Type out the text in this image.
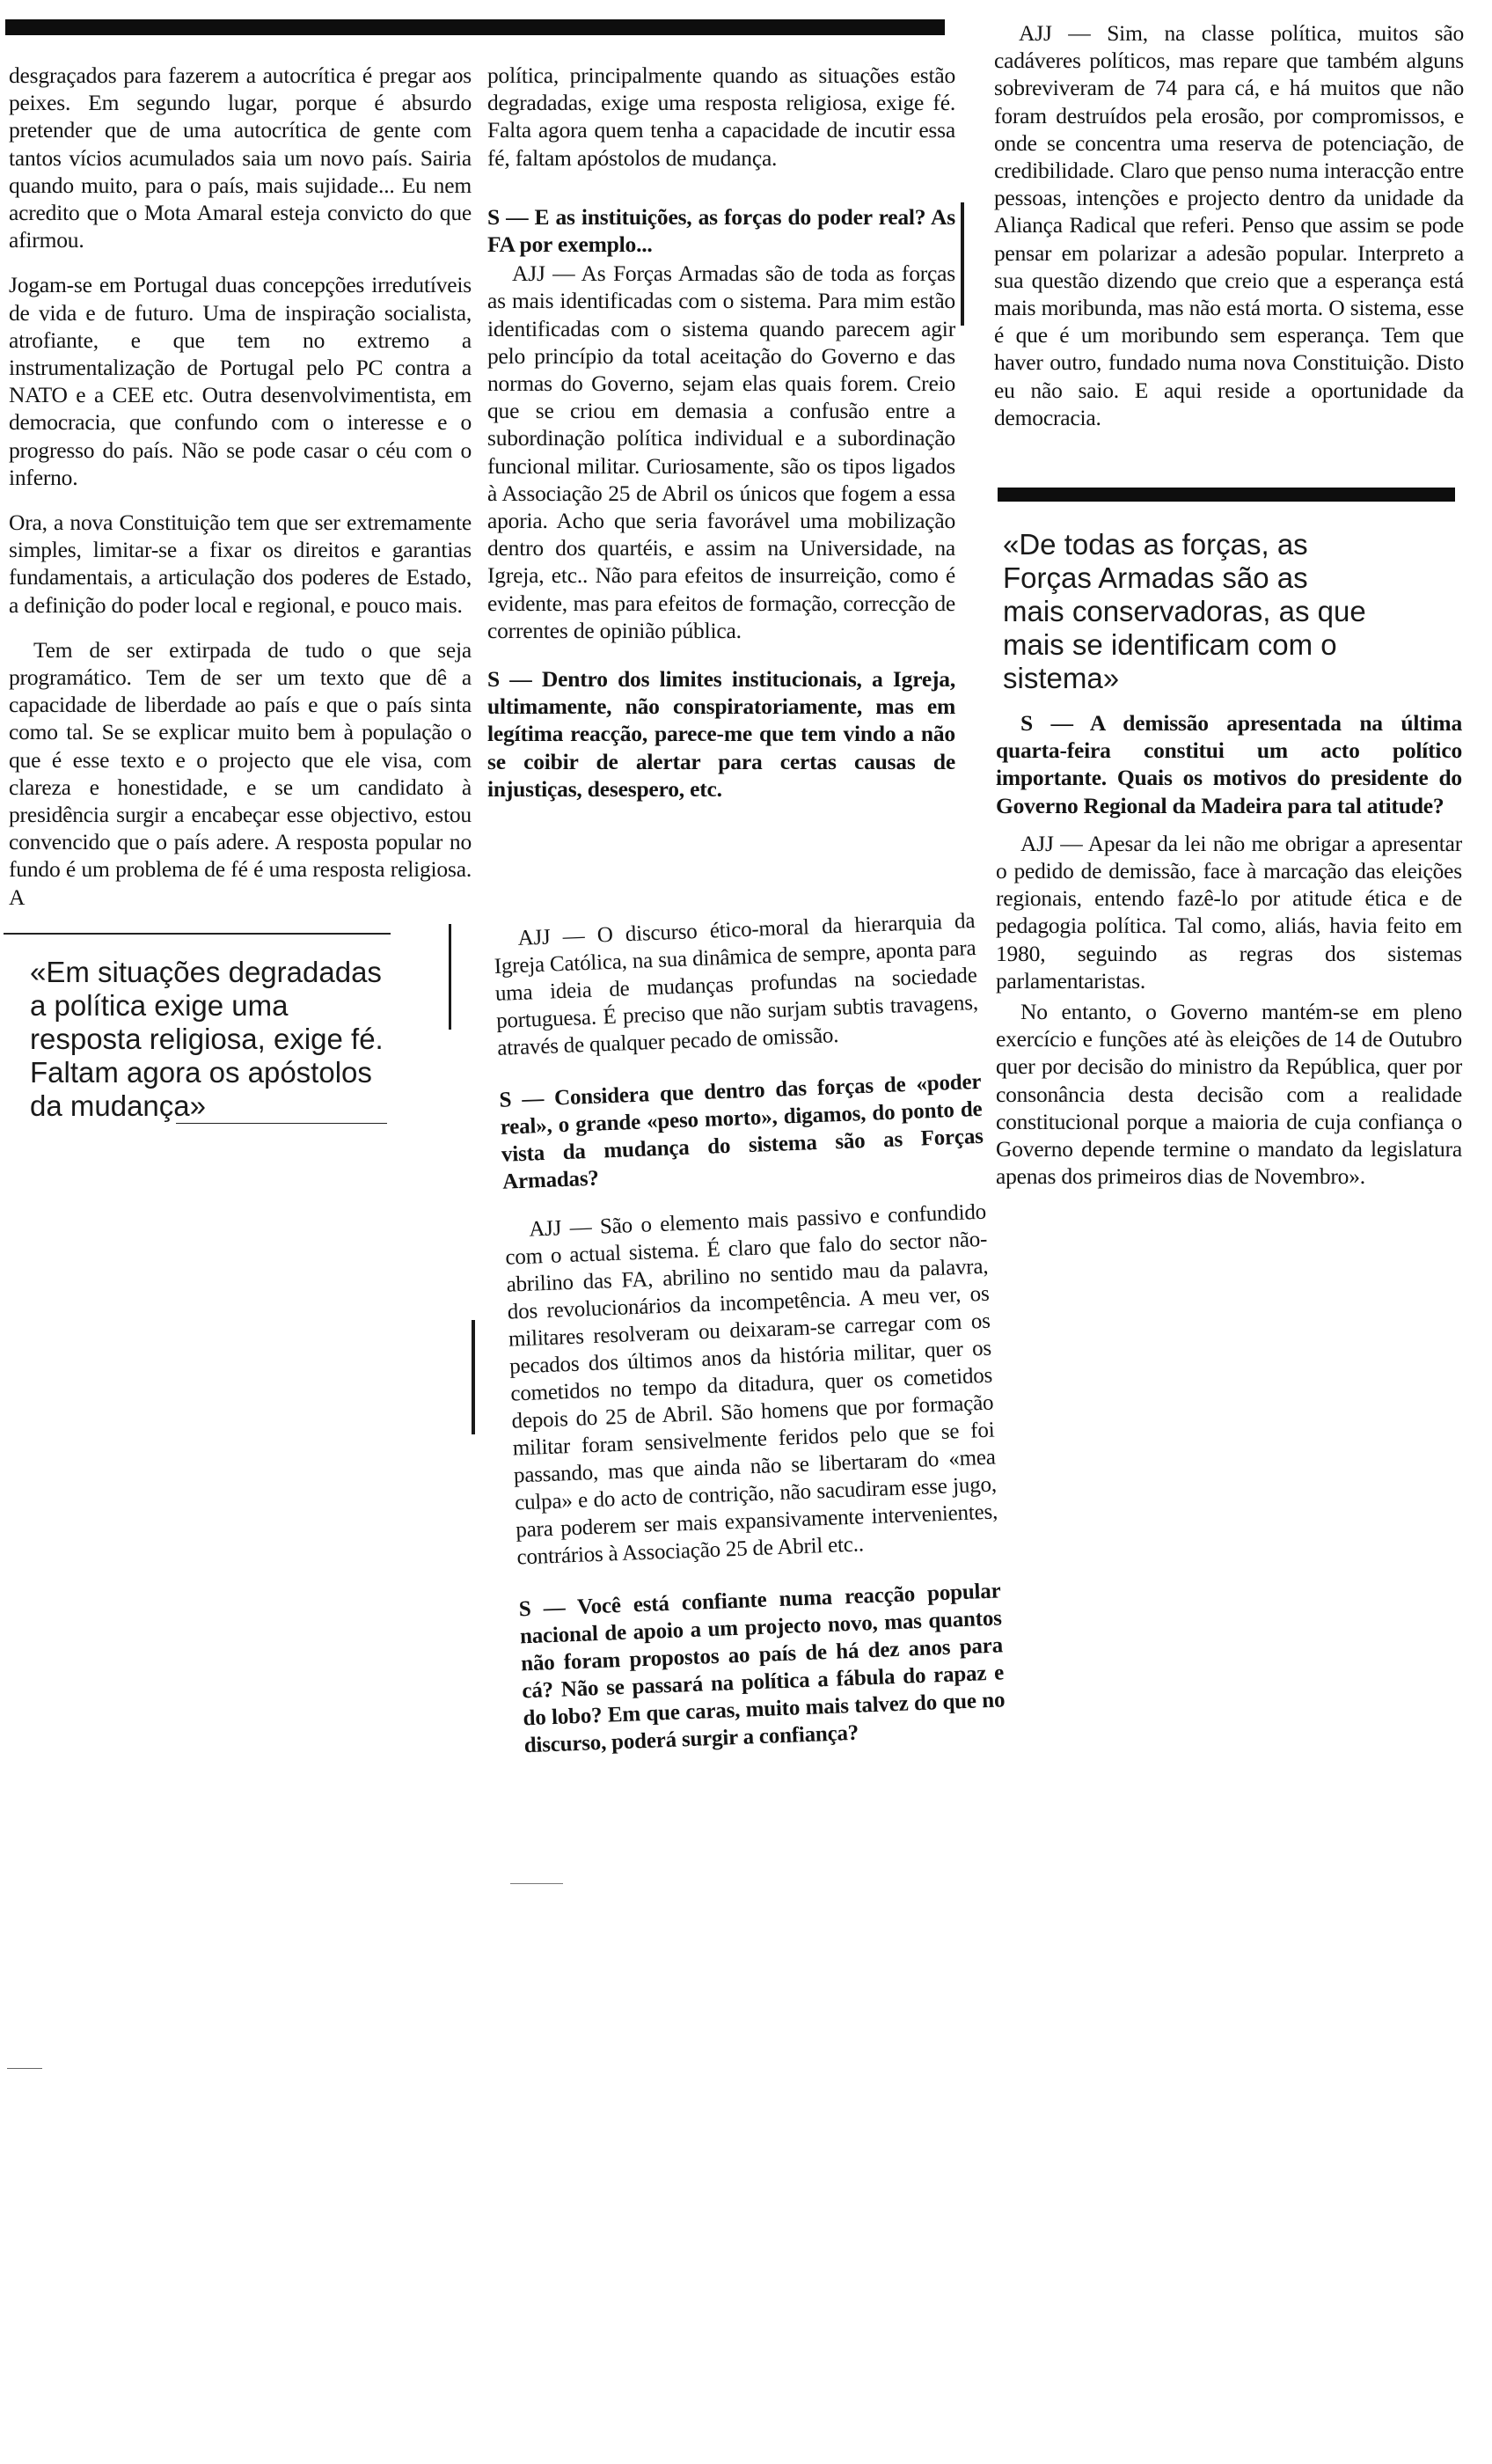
desgraçados para fazerem a autocrítica é pregar aos peixes. Em segundo lugar, porque é absurdo pretender que de uma autocrítica de gente com tantos vícios acumulados saia um novo país. Sairia quando muito, para o país, mais sujidade... Eu nem acredito que o Mota Amaral esteja convicto do que afirmou.

Jogam-se em Portugal duas concepções irredutíveis de vida e de futuro. Uma de inspiração socialista, atrofiante, e que tem no extremo a instrumentalização de Portugal pelo PC contra a NATO e a CEE etc. Outra desenvolvimentista, em democracia, que confundo com o interesse e o progresso do país. Não se pode casar o céu com o inferno.

Ora, a nova Constituição tem que ser extremamente simples, limitar-se a fixar os direitos e garantias fundamentais, a articulação dos poderes de Estado, a definição do poder local e regional, e pouco mais.

Tem de ser extirpada de tudo o que seja programático. Tem de ser um texto que dê a capacidade de liberdade ao país e que o país sinta como tal. Se se explicar muito bem à população o que é esse texto e o projecto que ele visa, com clareza e honestidade, e se um candidato à presidência surgir a encabeçar esse objectivo, estou convencido que o país adere. A resposta popular no fundo é um problema de fé é uma resposta religiosa. A

«Em situações degradadas a política exige uma resposta religiosa, exige fé. Faltam agora os apóstolos da mudança»

política, principalmente quando as situações estão degradadas, exige uma resposta religiosa, exige fé. Falta agora quem tenha a capacidade de incutir essa fé, faltam apóstolos de mudança.

S — E as instituições, as forças do poder real? As FA por exemplo...

AJJ — As Forças Armadas são de toda as forças as mais identificadas com o sistema. Para mim estão identificadas com o sistema quando parecem agir pelo princípio da total aceitação do Governo e das normas do Governo, sejam elas quais forem. Creio que se criou em demasia a confusão entre a subordinação política individual e a subordinação funcional militar. Curiosamente, são os tipos ligados à Associação 25 de Abril os únicos que fogem a essa aporia. Acho que seria favorável uma mobilização dentro dos quartéis, e assim na Universidade, na Igreja, etc.. Não para efeitos de insurreição, como é evidente, mas para efeitos de formação, correcção de correntes de opinião pública.

S — Dentro dos limites institucionais, a Igreja, ultimamente, não conspiratoriamente, mas em legítima reacção, parece-me que tem vindo a não se coibir de alertar para certas causas de injustiças, desespero, etc.

AJJ — O discurso ético-moral da hierarquia da Igreja Católica, na sua dinâmica de sempre, aponta para uma ideia de mudanças profundas na sociedade portuguesa. É preciso que não surjam subtis travagens, através de qualquer pecado de omissão.

S — Considera que dentro das forças de «poder real», o grande «peso morto», digamos, do ponto de vista da mudança do sistema são as Forças Armadas?

AJJ — São o elemento mais passivo e confundido com o actual sistema. É claro que falo do sector não-abrilino das FA, abrilino no sentido mau da palavra, dos revolucionários da incompetência. A meu ver, os militares resolveram ou deixaram-se carregar com os pecados dos últimos anos da história militar, quer os cometidos no tempo da ditadura, quer os cometidos depois do 25 de Abril. São homens que por formação militar foram sensivelmente feridos pelo que se foi passando, mas que ainda não se libertaram do «mea culpa» e do acto de contrição, não sacudiram esse jugo, para poderem ser mais expansivamente intervenientes, contrários à Associação 25 de Abril etc..

S — Você está confiante numa reacção popular nacional de apoio a um projecto novo, mas quantos não foram propostos ao país de há dez anos para cá? Não se passará na política a fábula do rapaz e do lobo? Em que caras, muito mais talvez do que no discurso, poderá surgir a confiança?

AJJ — Sim, na classe política, muitos são cadáveres políticos, mas repare que também alguns sobreviveram de 74 para cá, e há muitos que não foram destruídos pela erosão, por compromissos, e onde se concentra uma reserva de potenciação, de credibilidade. Claro que penso numa interacção entre pessoas, intenções e projecto dentro da unidade da Aliança Radical que referi. Penso que assim se pode pensar em polarizar a adesão popular. Interpreto a sua questão dizendo que creio que a esperança está mais moribunda, mas não está morta. O sistema, esse é que é um moribundo sem esperança. Tem que haver outro, fundado numa nova Constituição. Disto eu não saio. E aqui reside a oportunidade da democracia.

«De todas as forças, as Forças Armadas são as mais conservadoras, as que mais se identificam com o sistema»

S — A demissão apresentada na última quarta-feira constitui um acto político importante. Quais os motivos do presidente do Governo Regional da Madeira para tal atitude?

AJJ — Apesar da lei não me obrigar a apresentar o pedido de demissão, face à marcação das eleições regionais, entendo fazê-lo por atitude ética e de pedagogia política. Tal como, aliás, havia feito em 1980, seguindo as regras dos sistemas parlamentaristas.

No entanto, o Governo mantém-se em pleno exercício e funções até às eleições de 14 de Outubro quer por decisão do ministro da República, quer por consonância desta decisão com a realidade constitucional porque a maioria de cuja confiança o Governo depende termine o mandato da legislatura apenas dos primeiros dias de Novembro».
